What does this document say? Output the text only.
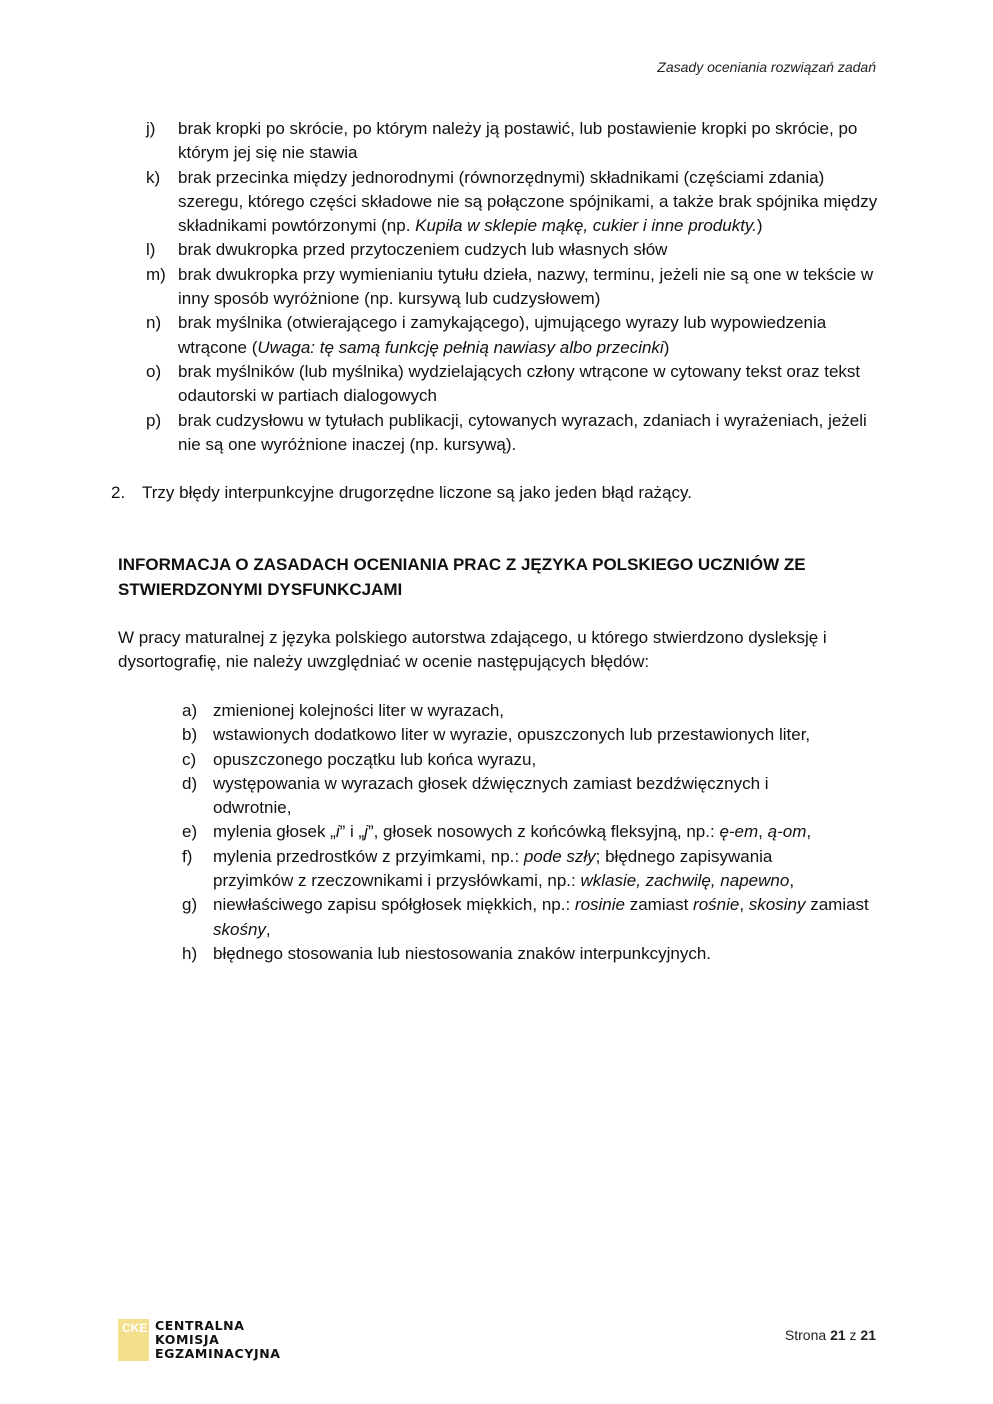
Zasady oceniania rozwiązań zadań
j) brak kropki po skrócie, po którym należy ją postawić, lub postawienie kropki po skrócie, po którym jej się nie stawia
k) brak przecinka między jednorodnymi (równorzędnymi) składnikami (częściami zdania) szeregu, którego części składowe nie są połączone spójnikami, a także brak spójnika między składnikami powtórzonymi (np. Kupiła w sklepie mąkę, cukier i inne produkty.)
l) brak dwukropka przed przytoczeniem cudzych lub własnych słów
m) brak dwukropka przy wymienianiu tytułu dzieła, nazwy, terminu, jeżeli nie są one w tekście w inny sposób wyróżnione (np. kursywą lub cudzysłowem)
n) brak myślnika (otwierającego i zamykającego), ujmującego wyrazy lub wypowiedzenia wtrącone (Uwaga: tę samą funkcję pełnią nawiasy albo przecinki)
o) brak myślników (lub myślnika) wydzielających człony wtrącone w cytowany tekst oraz tekst odautorski w partiach dialogowych
p) brak cudzysłowu w tytułach publikacji, cytowanych wyrazach, zdaniach i wyrażeniach, jeżeli nie są one wyróżnione inaczej (np. kursywą).
2. Trzy błędy interpunkcyjne drugorzędne liczone są jako jeden błąd rażący.
INFORMACJA O ZASADACH OCENIANIA PRAC Z JĘZYKA POLSKIEGO UCZNIÓW ZE STWIERDZONYMI DYSFUNKCJAMI

W pracy maturalnej z języka polskiego autorstwa zdającego, u którego stwierdzono dysleksję i dysortografię, nie należy uwzględniać w ocenie następujących błędów:

a) zmienionej kolejności liter w wyrazach,
b) wstawionych dodatkowo liter w wyrazie, opuszczonych lub przestawionych liter,
c) opuszczonego początku lub końca wyrazu,
d) występowania w wyrazach głosek dźwięcznych zamiast bezdźwięcznych i odwrotnie,
e) mylenia głosek „i” i „j”, głosek nosowych z końcówką fleksyjną, np.: ę-em, ą-om,
f) mylenia przedrostków z przyimkami, np.: pode szły; błędnego zapisywania przyimków z rzeczownikami i przysłówkami, np.: wklasie, zachwilę, napewno,
g) niewłaściwego zapisu spółgłosek miękkich, np.: rosinie zamiast rośnie, skosiny zamiast skośny,
h) błędnego stosowania lub niestosowania znaków interpunkcyjnych.
CKE CENTRALNA
KOMISJA
EGZAMINACYJNA
Strona 21 z 21
